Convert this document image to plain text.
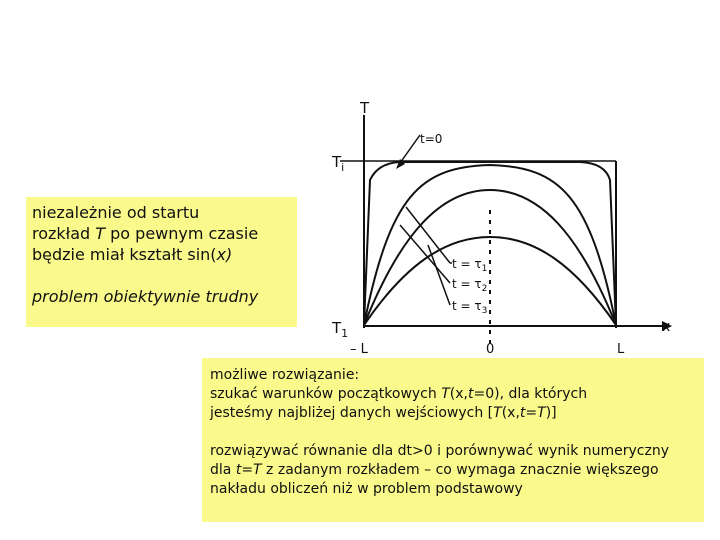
T
x
t=0
$T_i$
$T_1$
$t = \tau_1$
$t = \tau_2$
$t = \tau_3$
– L	0	L
niezależnie od startu
rozkład T po pewnym czasie
będzie miał kształt sin(x)
problem obiektywnie trudny
możliwe rozwiązanie:
szukać warunków początkowych T(x,t=0), dla których
jesteśmy najbliżej danych wejściowych [T(x,t=T)]
rozwiązywać równanie dla dt>0 i porównywać wynik numeryczny
dla t=T z zadanym rozkładem – co wymaga znacznie większego
nakładu obliczeń niż w problem podstawowy
